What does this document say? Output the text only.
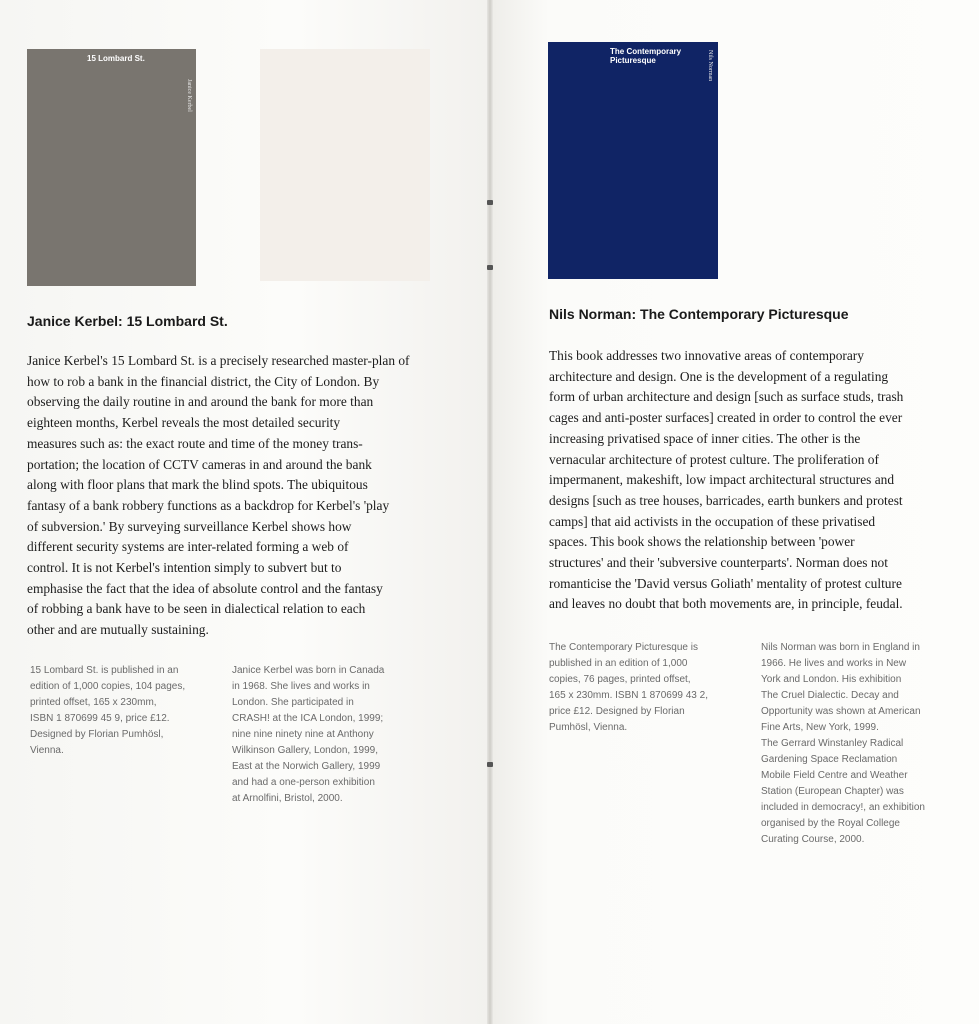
15 Lombard St.
Janice Kerbel
Janice Kerbel: 15 Lombard St.
Janice Kerbel's 15 Lombard St. is a precisely researched master-plan of
how to rob a bank in the financial district, the City of London. By
observing the daily routine in and around the bank for more than
eighteen months, Kerbel reveals the most detailed security
measures such as: the exact route and time of the money trans-
portation; the location of CCTV cameras in and around the bank
along with floor plans that mark the blind spots. The ubiquitous
fantasy of a bank robbery functions as a backdrop for Kerbel's 'play
of subversion.' By surveying surveillance Kerbel shows how
different security systems are inter-related forming a web of
control. It is not Kerbel's intention simply to subvert but to
emphasise the fact that the idea of absolute control and the fantasy
of robbing a bank have to be seen in dialectical relation to each
other and are mutually sustaining.
15 Lombard St. is published in an
edition of 1,000 copies, 104 pages,
printed offset, 165 x 230mm,
ISBN 1 870699 45 9, price £12.
Designed by Florian Pumhösl,
Vienna.
Janice Kerbel was born in Canada
in 1968. She lives and works in
London. She participated in
CRASH! at the ICA London, 1999;
nine nine ninety nine at Anthony
Wilkinson Gallery, London, 1999,
East at the Norwich Gallery, 1999
and had a one-person exhibition
at Arnolfini, Bristol, 2000.
The Contemporary
Picturesque	Nils Norman
Nils Norman: The Contemporary Picturesque
This book addresses two innovative areas of contemporary
architecture and design. One is the development of a regulating
form of urban architecture and design [such as surface studs, trash
cages and anti-poster surfaces] created in order to control the ever
increasing privatised space of inner cities. The other is the
vernacular architecture of protest culture. The proliferation of
impermanent, makeshift, low impact architectural structures and
designs [such as tree houses, barricades, earth bunkers and protest
camps] that aid activists in the occupation of these privatised
spaces. This book shows the relationship between 'power
structures' and their 'subversive counterparts'. Norman does not
romanticise the 'David versus Goliath' mentality of protest culture
and leaves no doubt that both movements are, in principle, feudal.
The Contemporary Picturesque is
published in an edition of 1,000
copies, 76 pages, printed offset,
165 x 230mm. ISBN 1 870699 43 2,
price £12. Designed by Florian
Pumhösl, Vienna.
Nils Norman was born in England in
1966. He lives and works in New
York and London. His exhibition
The Cruel Dialectic. Decay and
Opportunity was shown at American
Fine Arts, New York, 1999.
The Gerrard Winstanley Radical
Gardening Space Reclamation
Mobile Field Centre and Weather
Station (European Chapter) was
included in democracy!, an exhibition
organised by the Royal College
Curating Course, 2000.
